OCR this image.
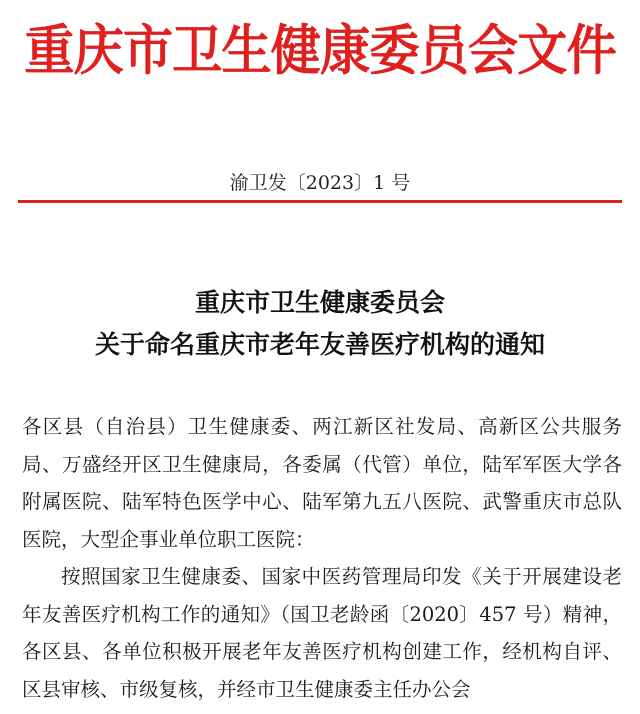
重庆市卫生健康委员会文件
渝卫发〔2023〕1 号
重庆市卫生健康委员会
关于命名重庆市老年友善医疗机构的通知

各区县（自治县）卫生健康委、两江新区社发局、高新区公共服务局、万盛经开区卫生健康局，各委属（代管）单位，陆军军医大学各附属医院、陆军特色医学中心、陆军第九五八医院、武警重庆市总队医院，大型企事业单位职工医院：

按照国家卫生健康委、国家中医药管理局印发《关于开展建设老年友善医疗机构工作的通知》（国卫老龄函〔2020〕457 号）精神，各区县、各单位积极开展老年友善医疗机构创建工作，经机构自评、区县审核、市级复核，并经市卫生健康委主任办公会
